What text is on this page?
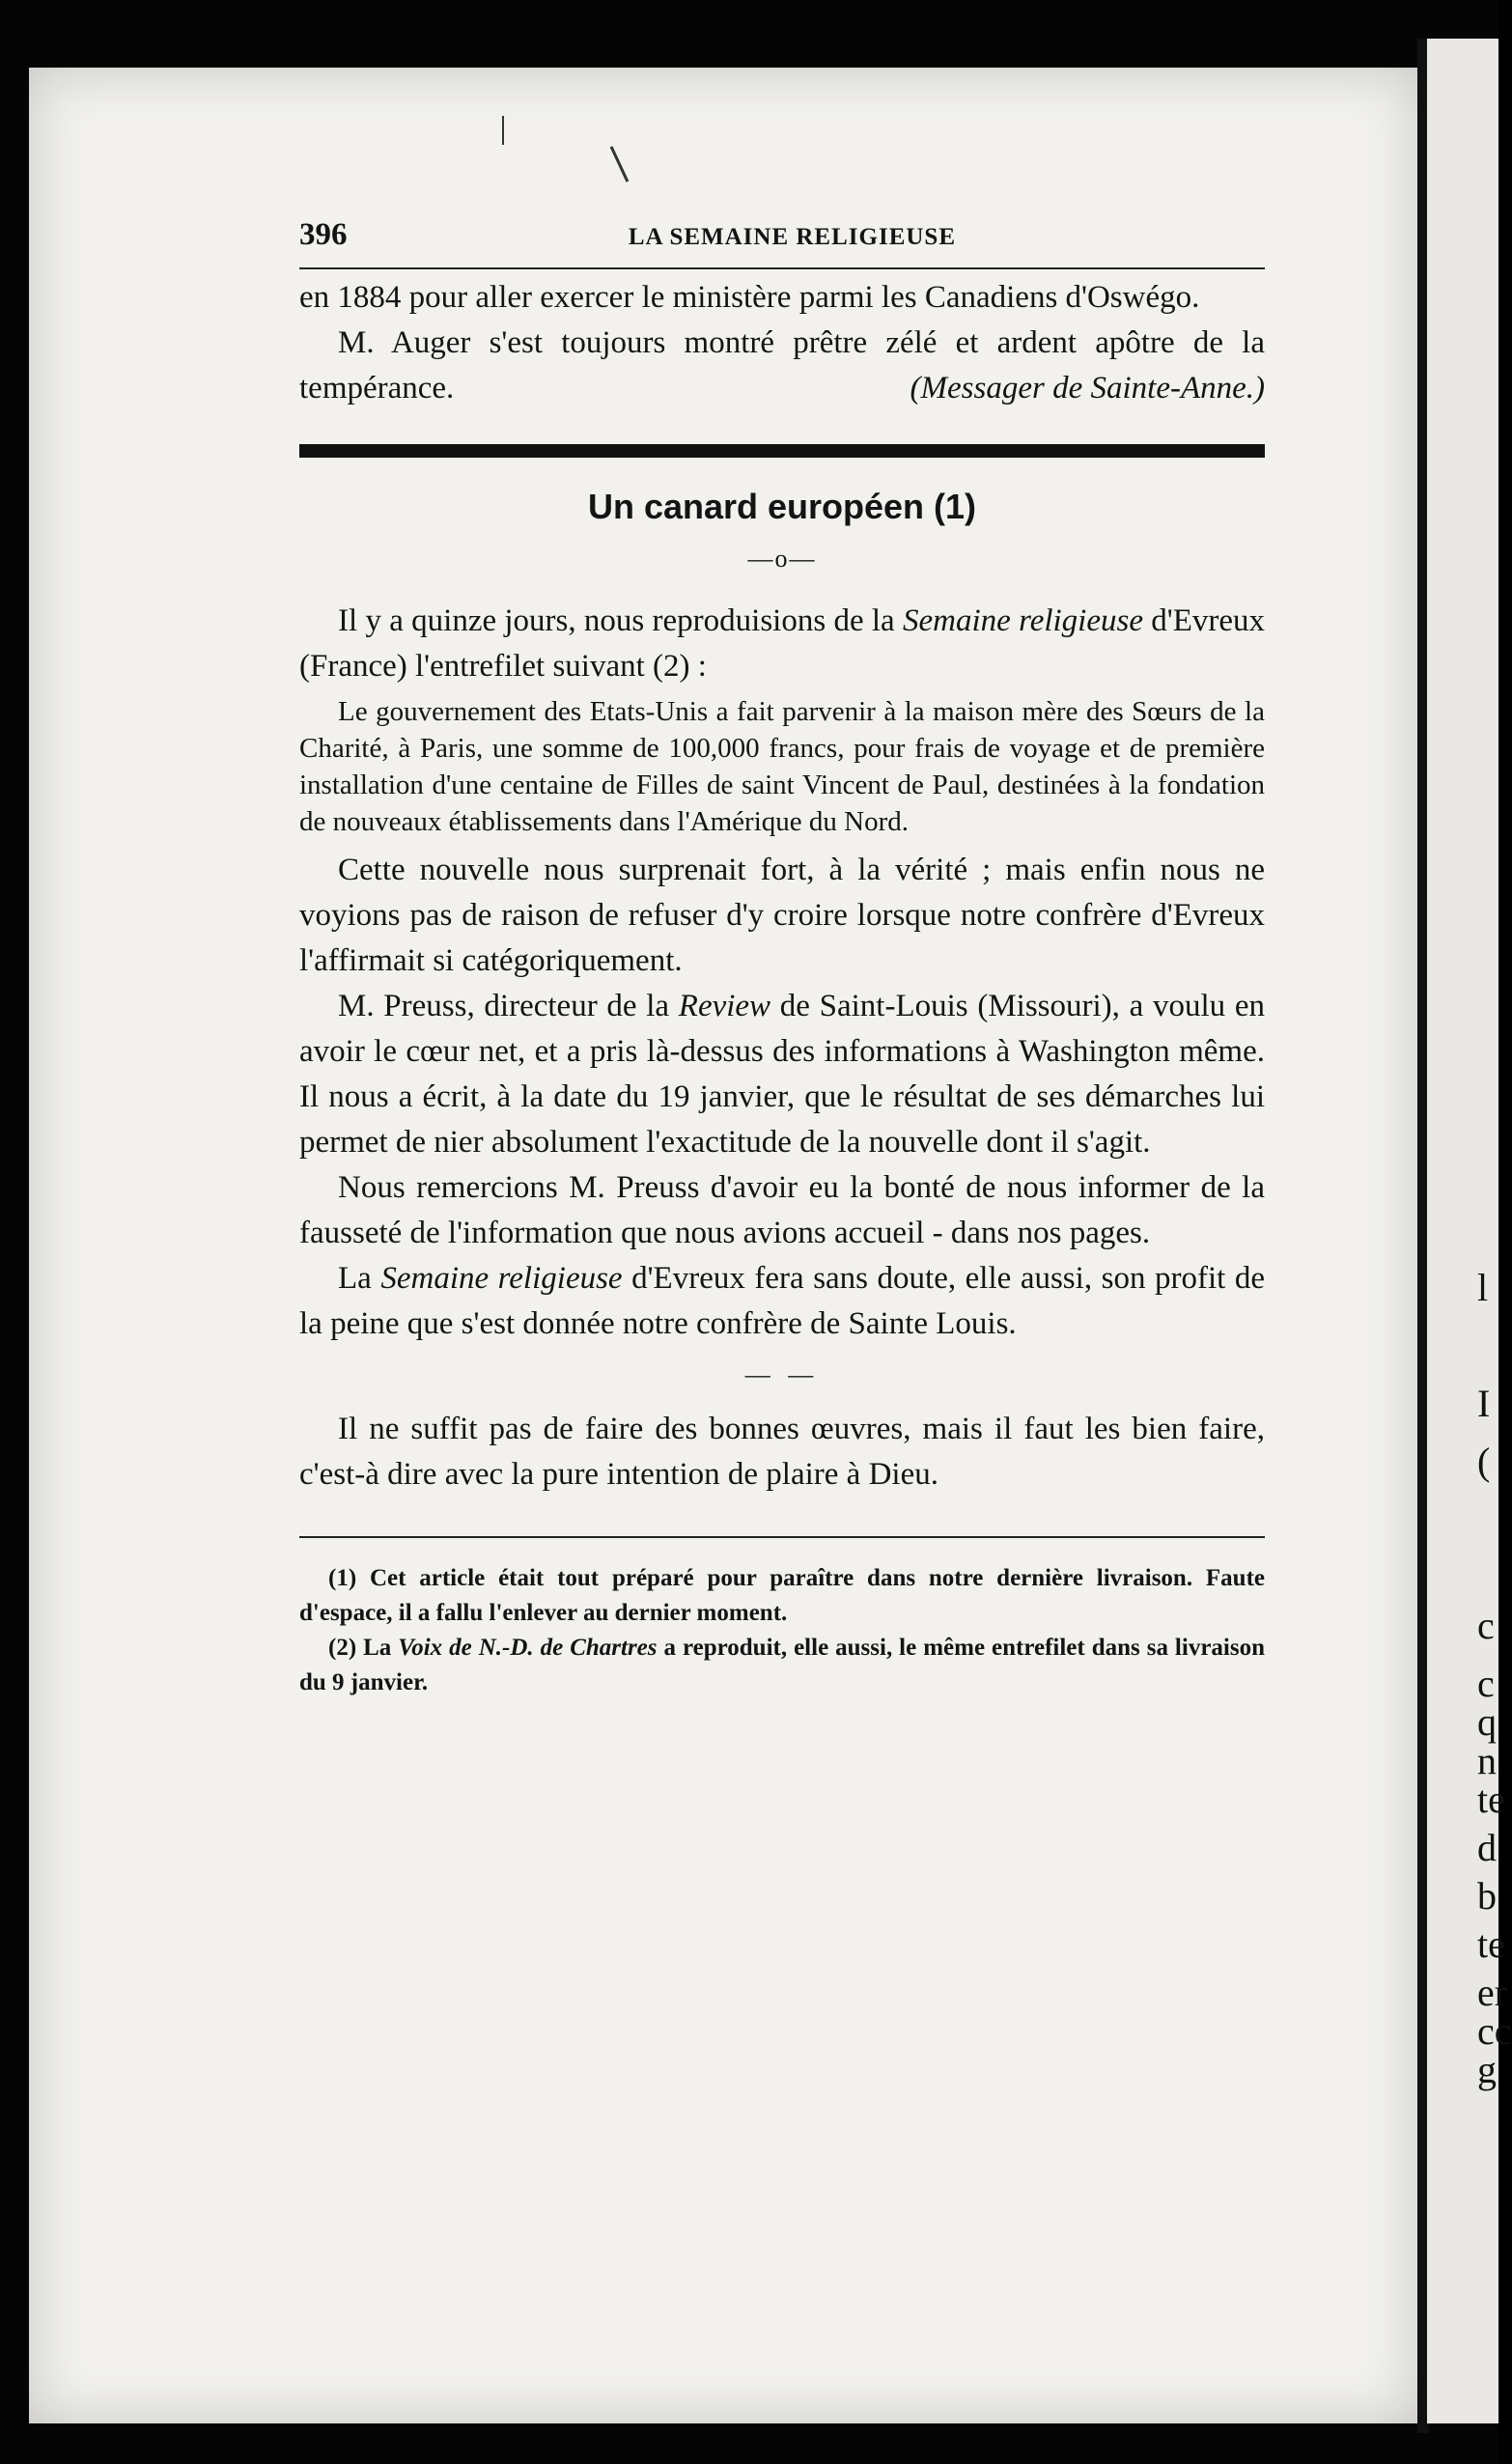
l
I
(
c
c
q
n
te
d
b
te
er
cc
g
396	LA SEMAINE RELIGIEUSE

en 1884 pour aller exercer le ministère parmi les Canadiens d'Oswégo.

M. Auger s'est toujours montré prêtre zélé et ardent apôtre de la tempérance.	(Messager de Sainte-Anne.)

Un canard européen (1)
—o—

Il y a quinze jours, nous reproduisions de la Semaine religieuse d'Evreux (France) l'entrefilet suivant (2) :

Le gouvernement des Etats-Unis a fait parvenir à la maison mère des Sœurs de la Charité, à Paris, une somme de 100,000 francs, pour frais de voyage et de première installation d'une centaine de Filles de saint Vincent de Paul, destinées à la fondation de nouveaux établissements dans l'Amérique du Nord.

Cette nouvelle nous surprenait fort, à la vérité ; mais enfin nous ne voyions pas de raison de refuser d'y croire lorsque notre confrère d'Evreux l'affirmait si catégoriquement.

M. Preuss, directeur de la Review de Saint-Louis (Missouri), a voulu en avoir le cœur net, et a pris là-dessus des informations à Washington même. Il nous a écrit, à la date du 19 janvier, que le résultat de ses démarches lui permet de nier absolument l'exactitude de la nouvelle dont il s'agit.

Nous remercions M. Preuss d'avoir eu la bonté de nous informer de la fausseté de l'information que nous avions accueil - dans nos pages.

La Semaine religieuse d'Evreux fera sans doute, elle aussi, son profit de la peine que s'est donnée notre confrère de Sainte Louis.

— —

Il ne suffit pas de faire des bonnes œuvres, mais il faut les bien faire, c'est-à dire avec la pure intention de plaire à Dieu.

(1) Cet article était tout préparé pour paraître dans notre dernière livraison. Faute d'espace, il a fallu l'enlever au dernier moment.

(2) La Voix de N.-D. de Chartres a reproduit, elle aussi, le même entrefilet dans sa livraison du 9 janvier.
